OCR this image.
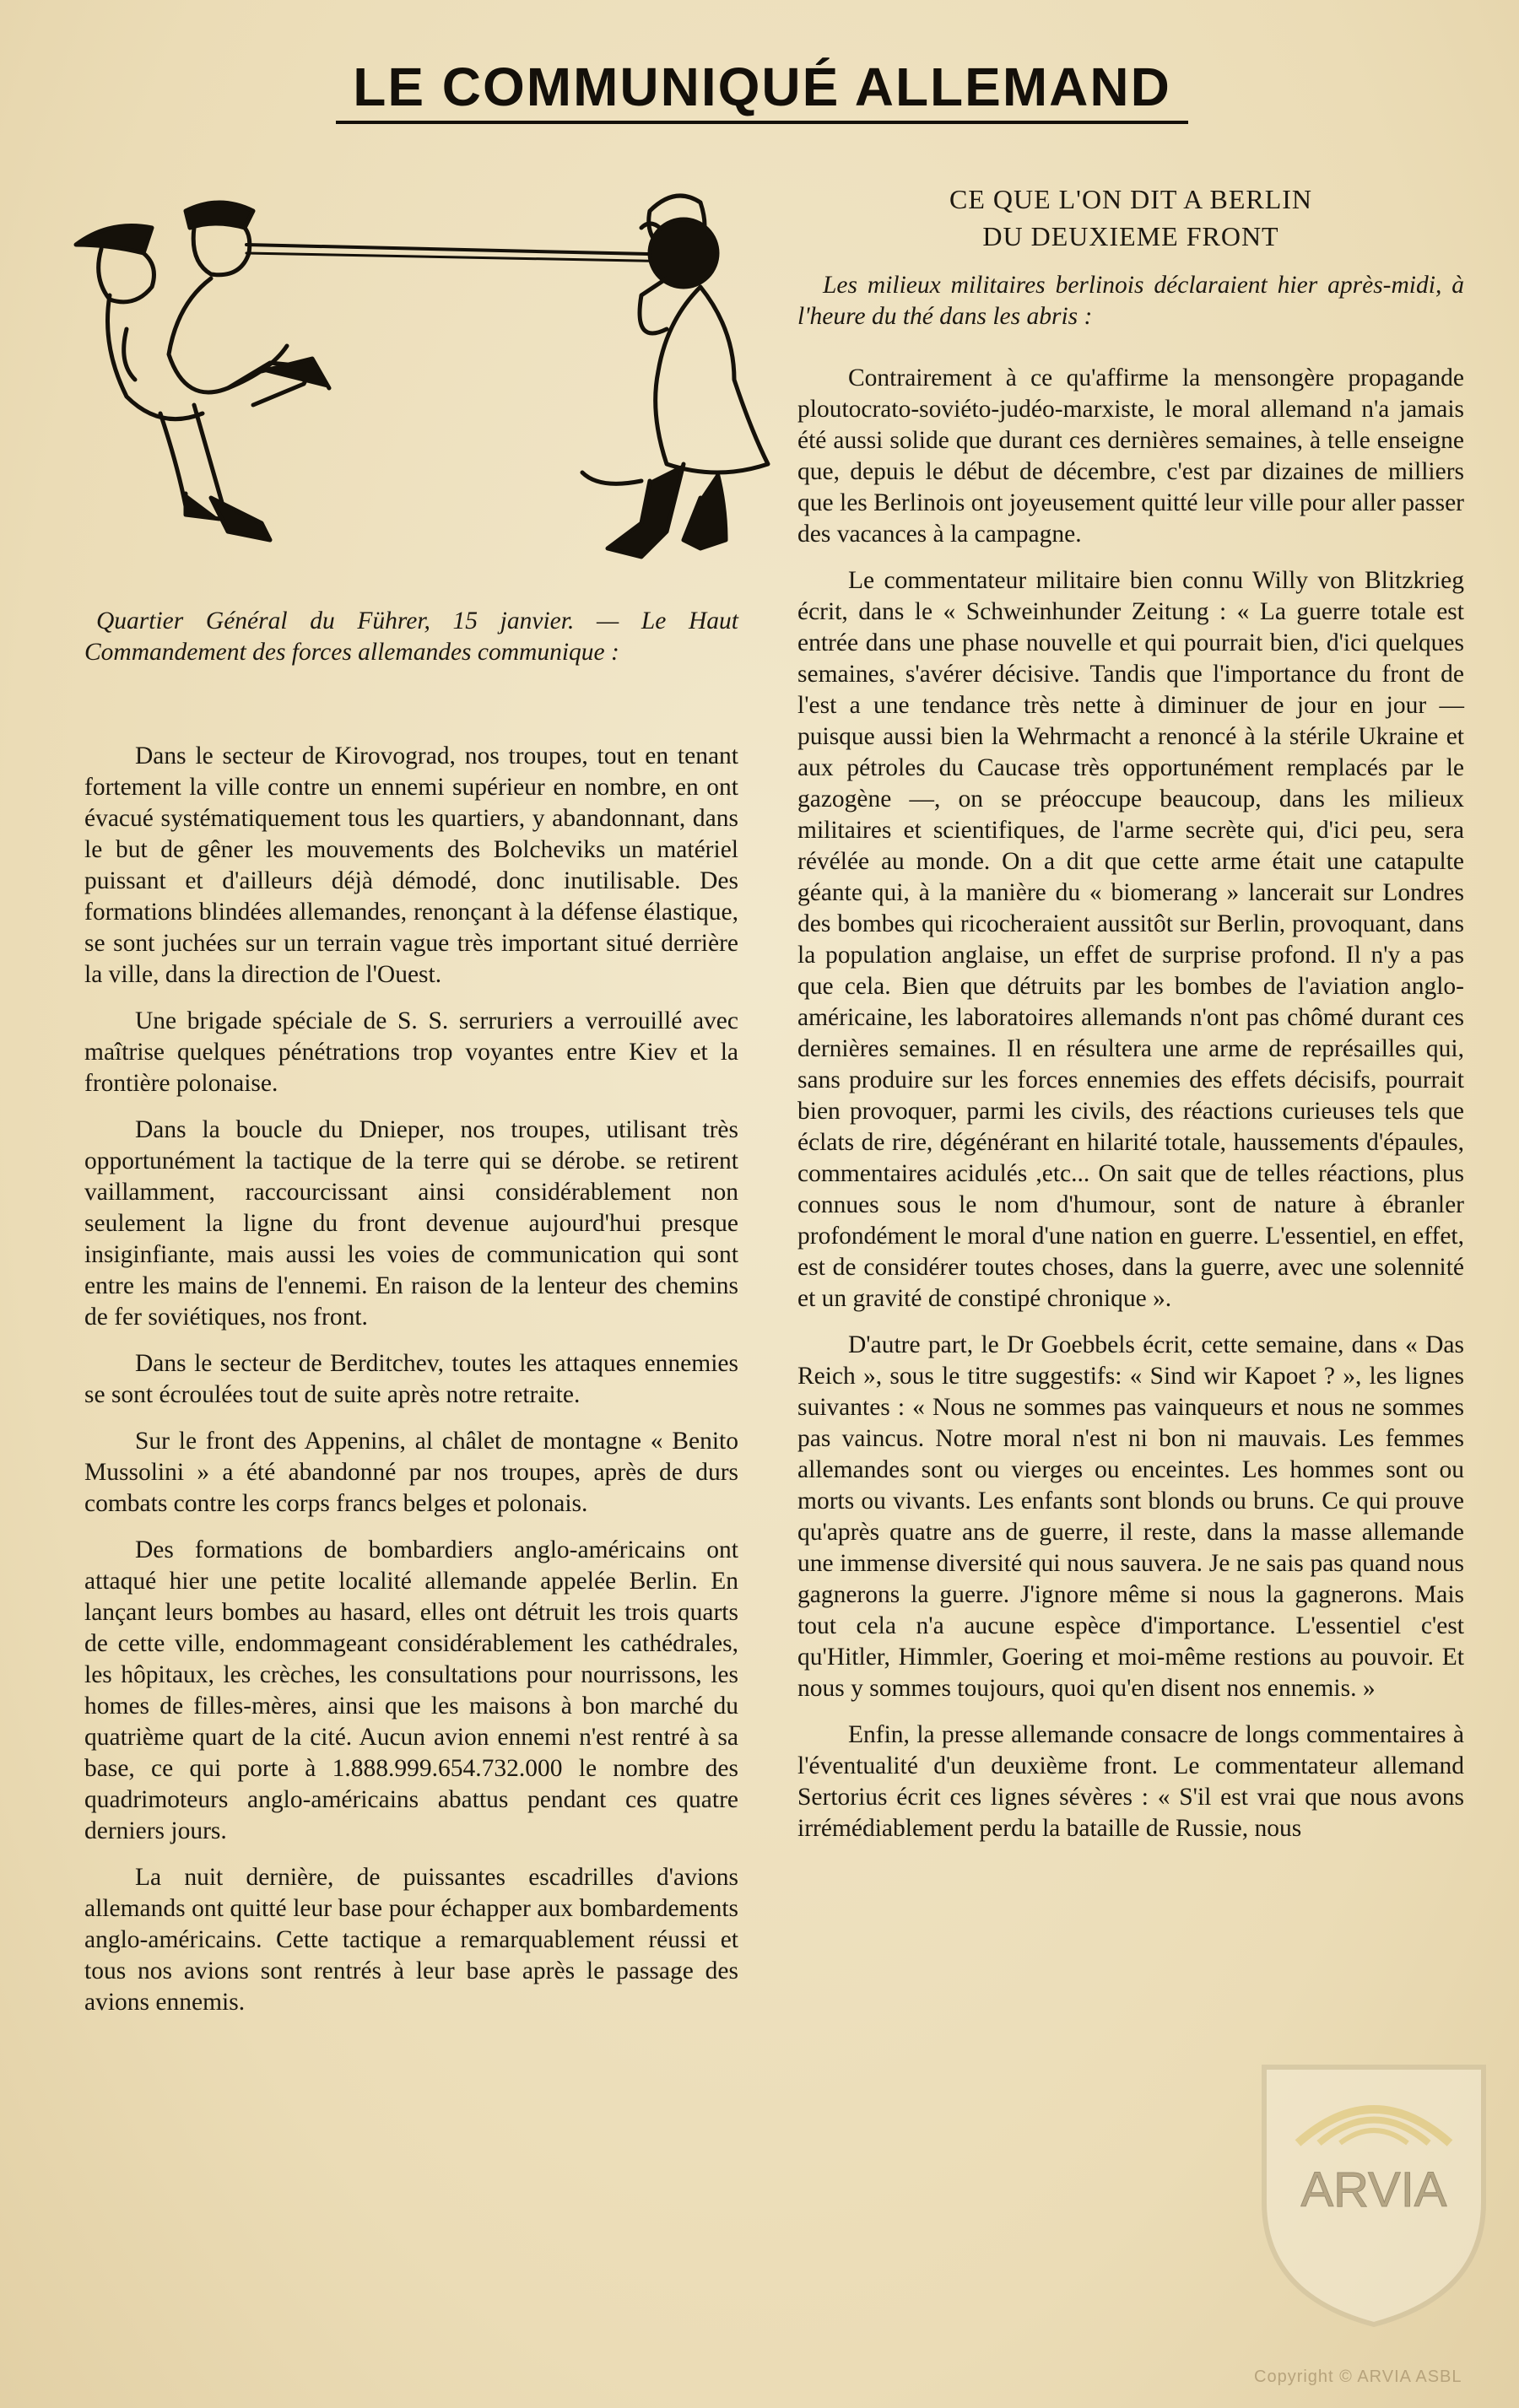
LE COMMUNIQUÉ ALLEMAND

Quartier Général du Führer, 15 janvier. — Le Haut Commandement des forces allemandes communique :

Dans le secteur de Kirovograd, nos troupes, tout en tenant fortement la ville contre un ennemi supérieur en nombre, en ont évacué systématiquement tous les quartiers, y abandonnant, dans le but de gêner les mouvements des Bolcheviks un matériel puissant et d'ailleurs déjà démodé, donc inutilisable. Des formations blindées allemandes, renonçant à la défense élastique, se sont juchées sur un terrain vague très important situé derrière la ville, dans la direction de l'Ouest.

Une brigade spéciale de S. S. serruriers a verrouillé avec maîtrise quelques pénétrations trop voyantes entre Kiev et la frontière polonaise.

Dans la boucle du Dnieper, nos troupes, utilisant très opportunément la tactique de la terre qui se dérobe. se retirent vaillamment, raccourcissant ainsi considérablement non seulement la ligne du front devenue aujourd'hui presque insiginfiante, mais aussi les voies de communication qui sont entre les mains de l'ennemi. En raison de la lenteur des chemins de fer soviétiques, nos front.

Dans le secteur de Berditchev, toutes les attaques ennemies se sont écroulées tout de suite après notre retraite.

Sur le front des Appenins, al châlet de montagne « Benito Mussolini » a été abandonné par nos troupes, après de durs combats contre les corps francs belges et polonais.

Des formations de bombardiers anglo-américains ont attaqué hier une petite localité allemande appelée Berlin. En lançant leurs bombes au hasard, elles ont détruit les trois quarts de cette ville, endommageant considérablement les cathédrales, les hôpitaux, les crèches, les consultations pour nourrissons, les homes de filles-mères, ainsi que les maisons à bon marché du quatrième quart de la cité. Aucun avion ennemi n'est rentré à sa base, ce qui porte à 1.888.999.654.732.000 le nombre des quadrimoteurs anglo-américains abattus pendant ces quatre derniers jours.

La nuit dernière, de puissantes escadrilles d'avions allemands ont quitté leur base pour échapper aux bombardements anglo-américains. Cette tactique a remarquablement réussi et tous nos avions sont rentrés à leur base après le passage des avions ennemis.

CE QUE L'ON DIT A BERLIN
DU DEUXIEME FRONT

Les milieux militaires berlinois déclaraient hier après-midi, à l'heure du thé dans les abris :

Contrairement à ce qu'affirme la mensongère propagande ploutocrato-soviéto-judéo-marxiste, le moral allemand n'a jamais été aussi solide que durant ces dernières semaines, à telle enseigne que, depuis le début de décembre, c'est par dizaines de milliers que les Berlinois ont joyeusement quitté leur ville pour aller passer des vacances à la campagne.

Le commentateur militaire bien connu Willy von Blitzkrieg écrit, dans le « Schweinhunder Zeitung : « La guerre totale est entrée dans une phase nouvelle et qui pourrait bien, d'ici quelques semaines, s'avérer décisive. Tandis que l'importance du front de l'est a une tendance très nette à diminuer de jour en jour — puisque aussi bien la Wehrmacht a renoncé à la stérile Ukraine et aux pétroles du Caucase très opportunément remplacés par le gazogène —, on se préoccupe beaucoup, dans les milieux militaires et scientifiques, de l'arme secrète qui, d'ici peu, sera révélée au monde. On a dit que cette arme était une catapulte géante qui, à la manière du « biomerang » lancerait sur Londres des bombes qui ricocheraient aussitôt sur Berlin, provoquant, dans la population anglaise, un effet de surprise profond. Il n'y a pas que cela. Bien que détruits par les bombes de l'aviation anglo-américaine, les laboratoires allemands n'ont pas chômé durant ces dernières semaines. Il en résultera une arme de représailles qui, sans produire sur les forces ennemies des effets décisifs, pourrait bien provoquer, parmi les civils, des réactions curieuses tels que éclats de rire, dégénérant en hilarité totale, haussements d'épaules, commentaires acidulés ,etc... On sait que de telles réactions, plus connues sous le nom d'humour, sont de nature à ébranler profondément le moral d'une nation en guerre. L'essentiel, en effet, est de considérer toutes choses, dans la guerre, avec une solennité et un gravité de constipé chronique ».

D'autre part, le Dr Goebbels écrit, cette semaine, dans « Das Reich », sous le titre suggestifs: « Sind wir Kapoet ? », les lignes suivantes : « Nous ne sommes pas vainqueurs et nous ne sommes pas vaincus. Notre moral n'est ni bon ni mauvais. Les femmes allemandes sont ou vierges ou enceintes. Les hommes sont ou morts ou vivants. Les enfants sont blonds ou bruns. Ce qui prouve qu'après quatre ans de guerre, il reste, dans la masse allemande une immense diversité qui nous sauvera. Je ne sais pas quand nous gagnerons la guerre. J'ignore même si nous la gagnerons. Mais tout cela n'a aucune espèce d'importance. L'essentiel c'est qu'Hitler, Himmler, Goering et moi-même restions au pouvoir. Et nous y sommes toujours, quoi qu'en disent nos ennemis. »

Enfin, la presse allemande consacre de longs commentaires à l'éventualité d'un deuxième front. Le commentateur allemand Sertorius écrit ces lignes sévères : « S'il est vrai que nous avons irrémédiablement perdu la bataille de Russie, nous

ARVIA
Copyright © ARVIA ASBL
